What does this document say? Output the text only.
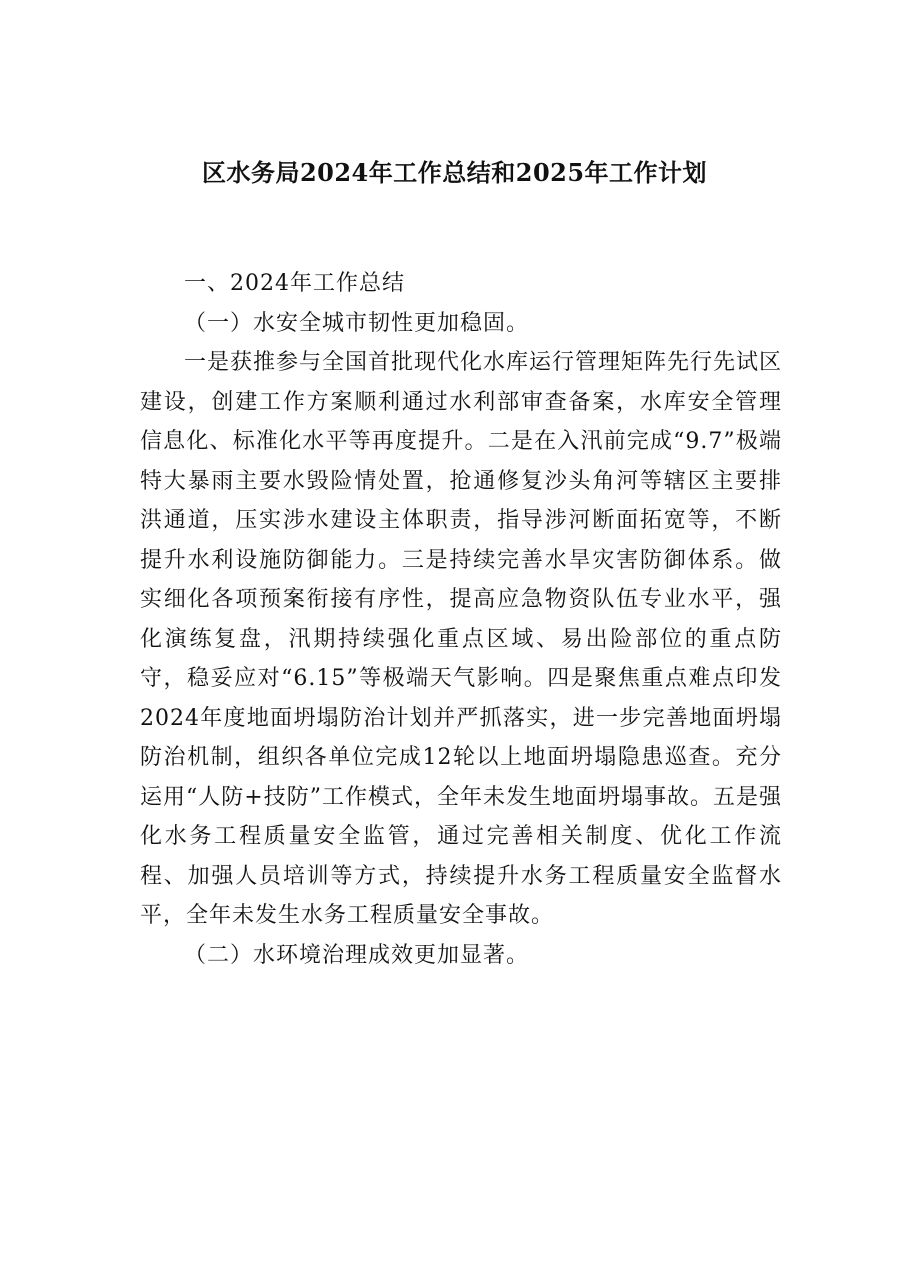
区水务局2024年工作总结和2025年工作计划

一、2024年工作总结

（一）水安全城市韧性更加稳固。

一是获推参与全国首批现代化水库运行管理矩阵先行先试区建设，创建工作方案顺利通过水利部审查备案，水库安全管理信息化、标准化水平等再度提升。二是在入汛前完成“9.7”极端特大暴雨主要水毁险情处置，抢通修复沙头角河等辖区主要排洪通道，压实涉水建设主体职责，指导涉河断面拓宽等，不断提升水利设施防御能力。三是持续完善水旱灾害防御体系。做实细化各项预案衔接有序性，提高应急物资队伍专业水平，强化演练复盘，汛期持续强化重点区域、易出险部位的重点防守，稳妥应对“6.15”等极端天气影响。四是聚焦重点难点印发2024年度地面坍塌防治计划并严抓落实，进一步完善地面坍塌防治机制，组织各单位完成12轮以上地面坍塌隐患巡查。充分运用“人防+技防”工作模式，全年未发生地面坍塌事故。五是强化水务工程质量安全监管，通过完善相关制度、优化工作流程、加强人员培训等方式，持续提升水务工程质量安全监督水平，全年未发生水务工程质量安全事故。

（二）水环境治理成效更加显著。
